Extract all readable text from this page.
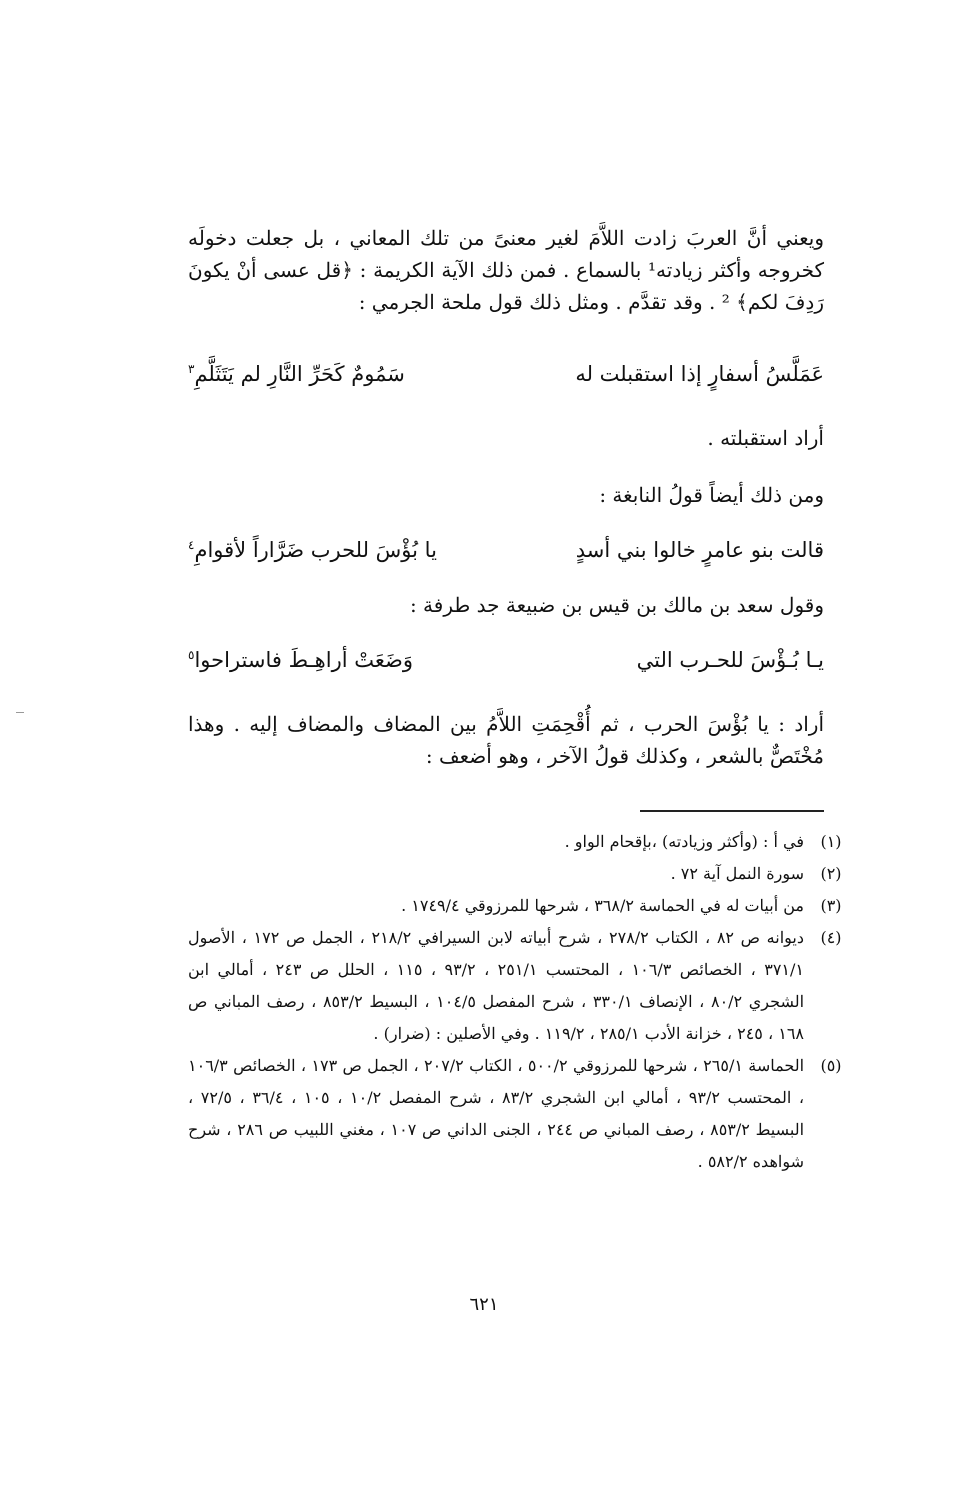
ويعني أنَّ العربَ زادت اللاَّمَ لغير معنىً من تلك المعاني ، بل جعلت دخولَه كخروجه وأكثر زيادته¹ بالسماع . فمن ذلك الآية الكريمة : ﴿قل عسى أنْ يكونَ رَدِفَ لكم﴾ ² . وقد تقدَّم . ومثل ذلك قول ملحة الجرمي :
عَمَلَّسُ أسفارٍ إذا استقبلت له
سَمُومٌ كَحَرِّ النَّارِ لم يَتَثَلَّمِ$^٣$
أراد استقبلته .
ومن ذلك أيضاً قولُ النابغة :
قالت بنو عامرٍ خالوا بني أسدٍ
يا بُؤْسَ للحرب ضَرَّاراً لأقوامِ$^٤$
وقول سعد بن مالك بن قيس بن ضبيعة جد طرفة :
يـا بُـؤْسَ للحـرب التي
وَضَعَتْ أراهِـطَ فاستراحوا$^٥$
أراد : يا بُؤْسَ الحرب ، ثم أُقْحِمَتِ اللاَّمُ بين المضاف والمضاف إليه . وهذا مُخْتَصٌّ بالشعر ، وكذلك قولُ الآخر ، وهو أضعف :
(١)
في أ : (وأكثر وزيادته) ،بإقحام الواو .
(٢)
سورة النمل آية ٧٢ .
(٣)
من أبيات له في الحماسة ٣٦٨/٢ ، شرحها للمرزوقي ١٧٤٩/٤ .
(٤)
ديوانه ص ٨٢ ، الكتاب ٢٧٨/٢ ، شرح أبياته لابن السيرافي ٢١٨/٢ ، الجمل ص ١٧٢ ، الأصول ٣٧١/١ ، الخصائص ١٠٦/٣ ، المحتسب ٢٥١/١ ، ٩٣/٢ ، ١١٥ ، الحلل ص ٢٤٣ ، أمالي ابن الشجري ٨٠/٢ ، الإنصاف ٣٣٠/١ ، شرح المفصل ١٠٤/٥ ، البسيط ٨٥٣/٢ ، رصف المباني ص ١٦٨ ، ٢٤٥ ، خزانة الأدب ٢٨٥/١ ، ١١٩/٢ . وفي الأصلين : (ضرار) .
(٥)
الحماسة ٢٦٥/١ ، شرحها للمرزوقي ٥٠٠/٢ ، الكتاب ٢٠٧/٢ ، الجمل ص ١٧٣ ، الخصائص ١٠٦/٣ ، المحتسب ٩٣/٢ ، أمالي ابن الشجري ٨٣/٢ ، شرح المفصل ١٠/٢ ، ١٠٥ ، ٣٦/٤ ، ٧٢/٥ ، البسيط ٨٥٣/٢ ، رصف المباني ص ٢٤٤ ، الجنى الداني ص ١٠٧ ، مغني اللبيب ص ٢٨٦ ، شرح شواهده ٥٨٢/٢ .
٦٢١
